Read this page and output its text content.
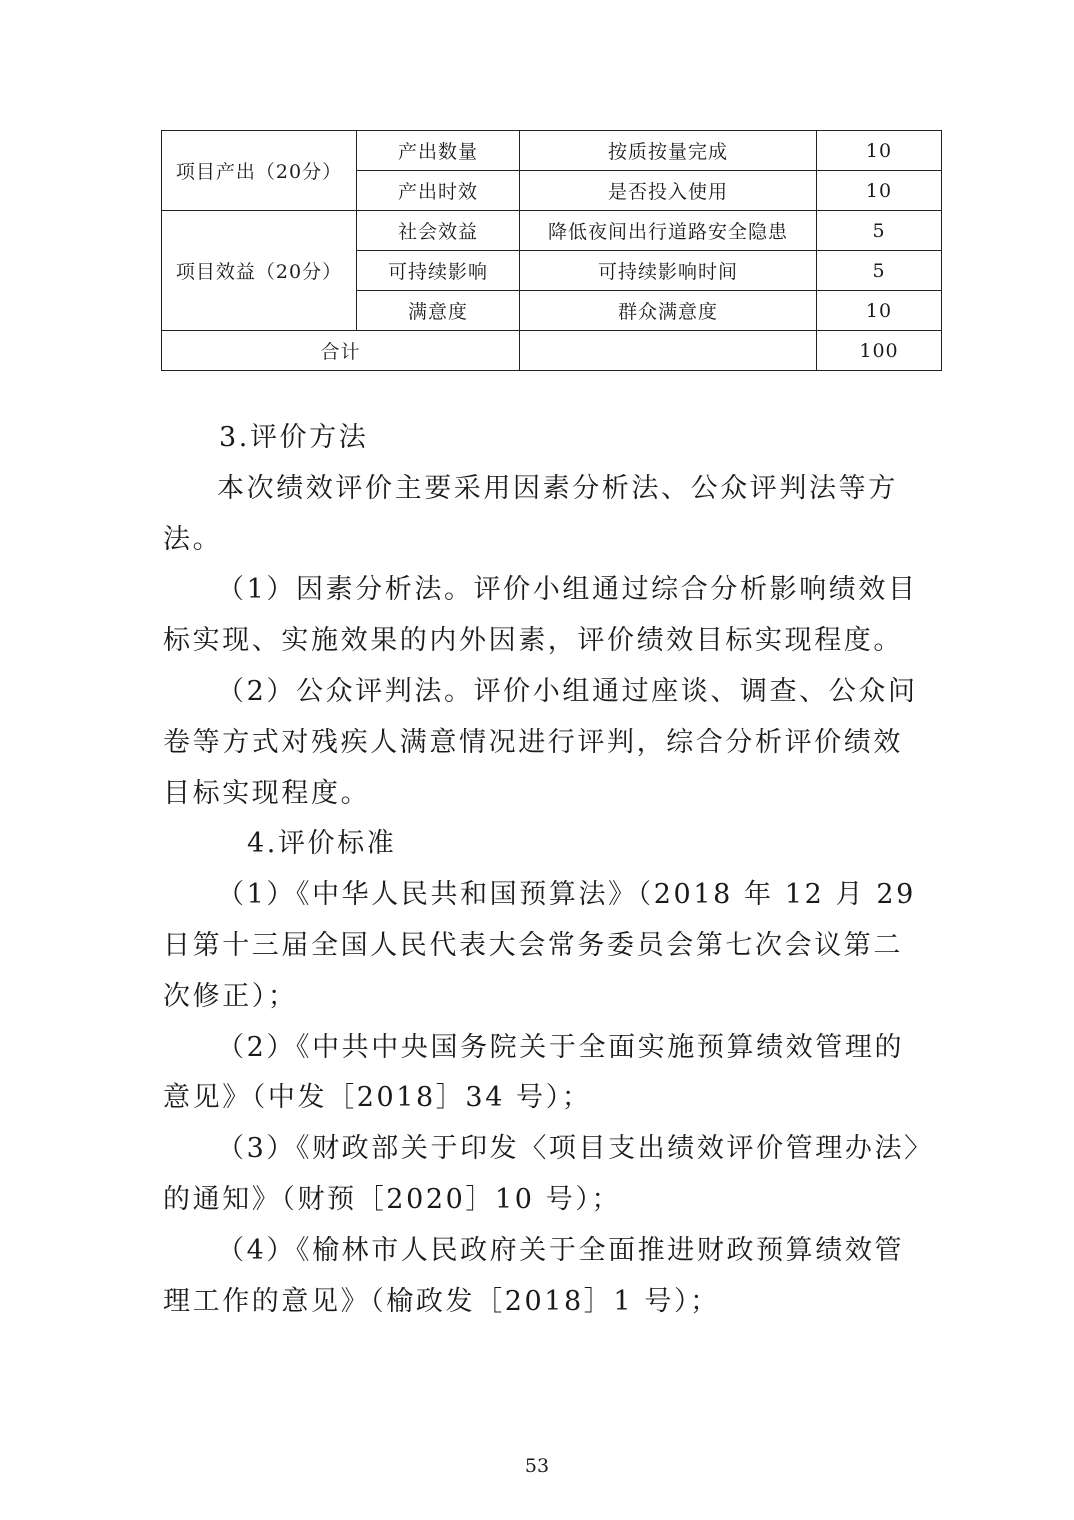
项目产出（20分）	产出数量	按质按量完成	10
	产出时效	是否投入使用	10
项目效益（20分）	社会效益	降低夜间出行道路安全隐患	5
	可持续影响	可持续影响时间	5
	满意度	群众满意度	10
合计			100

3.评价方法

本次绩效评价主要采用因素分析法、公众评判法等方法。

（1）因素分析法。评价小组通过综合分析影响绩效目标实现、实施效果的内外因素，评价绩效目标实现程度。

（2）公众评判法。评价小组通过座谈、调查、公众问卷等方式对残疾人满意情况进行评判，综合分析评价绩效目标实现程度。

4.评价标准

（1）《中华人民共和国预算法》（2018 年 12 月 29 日第十三届全国人民代表大会常务委员会第七次会议第二次修正）；

（2）《中共中央国务院关于全面实施预算绩效管理的意见》（中发［2018］34 号）；

（3）《财政部关于印发〈项目支出绩效评价管理办法〉的通知》（财预［2020］10 号）；

（4）《榆林市人民政府关于全面推进财政预算绩效管理工作的意见》（榆政发［2018］1 号）；

53
